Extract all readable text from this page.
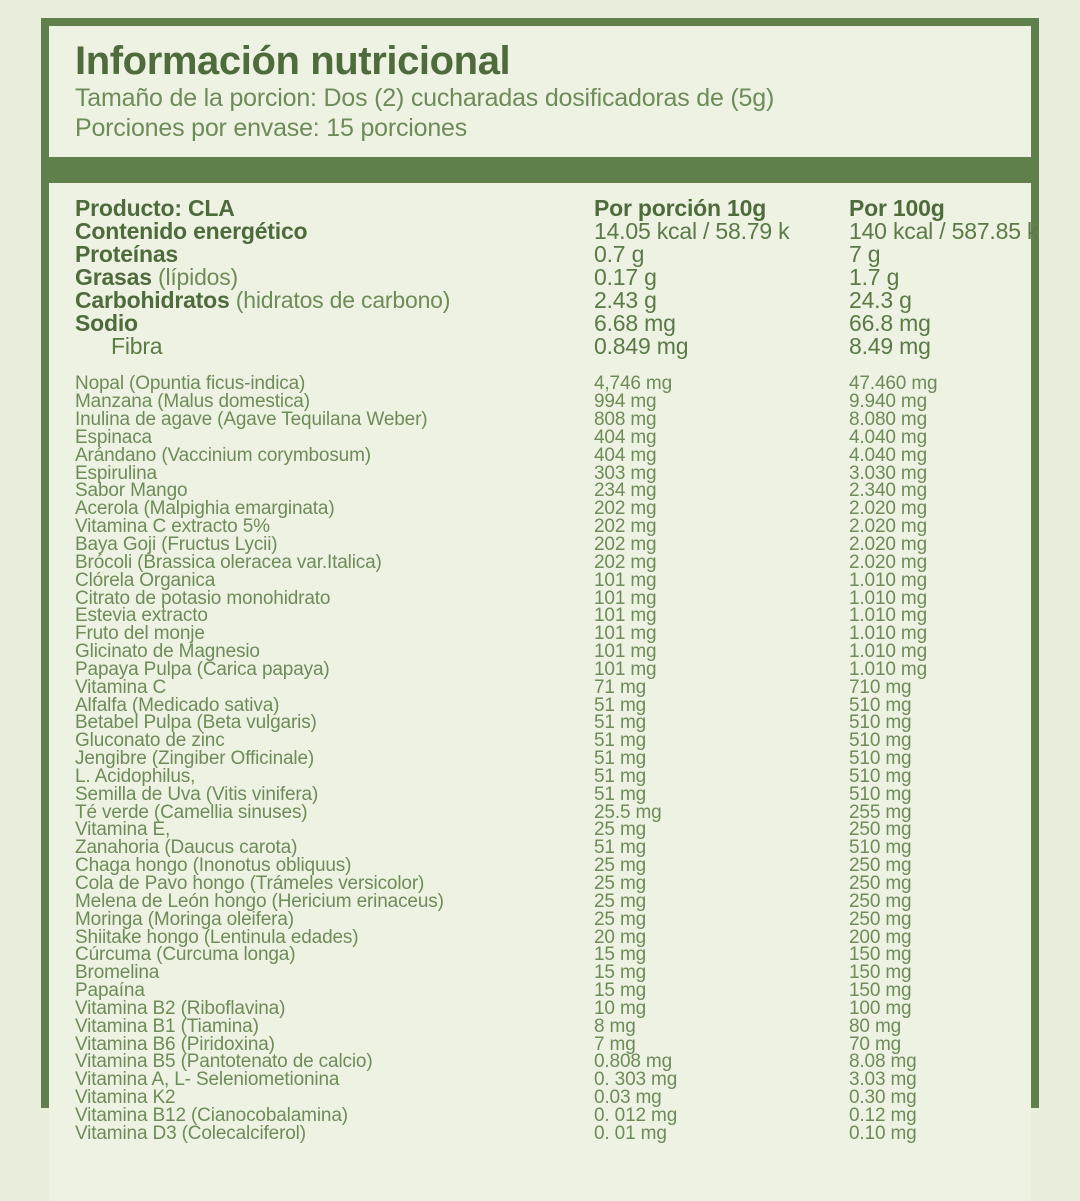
Información nutricional
Tamaño de la porcion: Dos (2) cucharadas dosificadoras de (5g)
Porciones por envase: 15 porciones
Producto: CLA	Por porción 10g	Por 100g
Contenido energético	14.05 kcal / 58.79 k	140 kcal / 587.85 k
Proteínas	0.7 g	7 g
Grasas (lípidos)	0.17 g	1.7 g
Carbohidratos (hidratos de carbono)	2.43 g	24.3 g
Sodio	6.68 mg	66.8 mg
Fibra	0.849 mg	8.49 mg
Nopal (Opuntia ficus-indica)	4,746 mg	47.460 mg
Manzana (Malus domestica)	994 mg	9.940 mg
Inulina de agave (Agave Tequilana Weber)	808 mg	8.080 mg
Espinaca	404 mg	4.040 mg
Arándano (Vaccinium corymbosum)	404 mg	4.040 mg
Espirulina	303 mg	3.030 mg
Sabor Mango	234 mg	2.340 mg
Acerola (Malpighia emarginata)	202 mg	2.020 mg
Vitamina C extracto 5%	202 mg	2.020 mg
Baya Goji (Fructus Lycii)	202 mg	2.020 mg
Brócoli (Brassica oleracea var.Italica)	202 mg	2.020 mg
Clórela Organica	101 mg	1.010 mg
Citrato de potasio monohidrato	101 mg	1.010 mg
Estevia extracto	101 mg	1.010 mg
Fruto del monje	101 mg	1.010 mg
Glicinato de Magnesio	101 mg	1.010 mg
Papaya Pulpa (Carica papaya)	101 mg	1.010 mg
Vitamina C	71 mg	710 mg
Alfalfa (Medicado sativa)	51 mg	510 mg
Betabel Pulpa (Beta vulgaris)	51 mg	510 mg
Gluconato de zinc	51 mg	510 mg
Jengibre (Zingiber Officinale)	51 mg	510 mg
L. Acidophilus,	51 mg	510 mg
Semilla de Uva (Vitis vinifera)	51 mg	510 mg
Té verde (Camellia sinuses)	25.5 mg	255 mg
Vitamina E,	25 mg	250 mg
Zanahoria (Daucus carota)	51 mg	510 mg
Chaga hongo (Inonotus obliquus)	25 mg	250 mg
Cola de Pavo hongo (Trámeles versicolor)	25 mg	250 mg
Melena de León hongo (Hericium erinaceus)	25 mg	250 mg
Moringa (Moringa oleifera)	25 mg	250 mg
Shiitake hongo (Lentinula edades)	20 mg	200 mg
Cúrcuma (Curcuma longa)	15 mg	150 mg
Bromelina	15 mg	150 mg
Papaína	15 mg	150 mg
Vitamina B2 (Riboflavina)	10 mg	100 mg
Vitamina B1 (Tiamina)	8 mg	80 mg
Vitamina B6 (Piridoxina)	7 mg	70 mg
Vitamina B5 (Pantotenato de calcio)	0.808 mg	8.08 mg
Vitamina A, L- Seleniometionina	0. 303 mg	3.03 mg
Vitamina K2	0.03 mg	0.30 mg
Vitamina B12 (Cianocobalamina)	0. 012 mg	0.12 mg
Vitamina D3 (Colecalciferol)	0. 01 mg	0.10 mg
